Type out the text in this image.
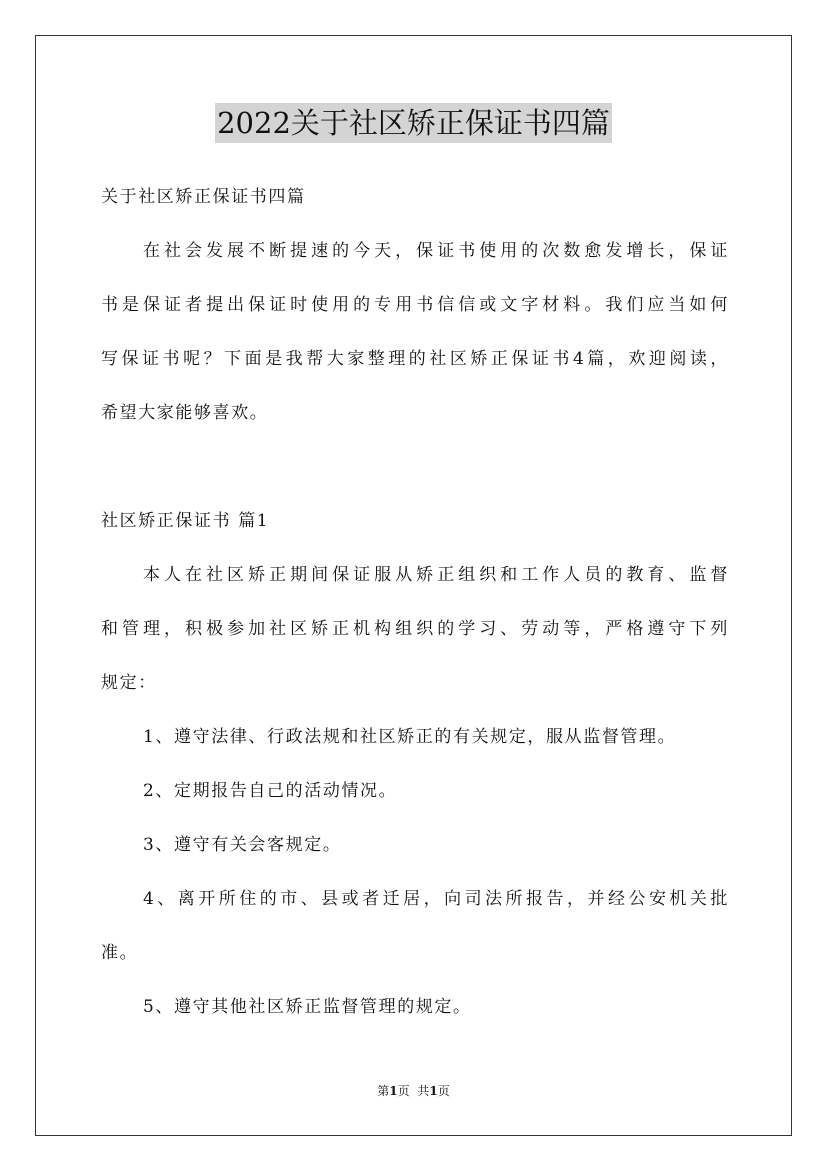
2022关于社区矫正保证书四篇
关于社区矫正保证书四篇
在社会发展不断提速的今天，保证书使用的次数愈发增长，保证
书是保证者提出保证时使用的专用书信信或文字材料。我们应当如何
写保证书呢？下面是我帮大家整理的社区矫正保证书4篇，欢迎阅读，
希望大家能够喜欢。
社区矫正保证书 篇1
本人在社区矫正期间保证服从矫正组织和工作人员的教育、监督
和管理，积极参加社区矫正机构组织的学习、劳动等，严格遵守下列
规定：
1、遵守法律、行政法规和社区矫正的有关规定，服从监督管理。
2、定期报告自己的活动情况。
3、遵守有关会客规定。
4、离开所住的市、县或者迁居，向司法所报告，并经公安机关批
准。
5、遵守其他社区矫正监督管理的规定。
第1页 共1页
